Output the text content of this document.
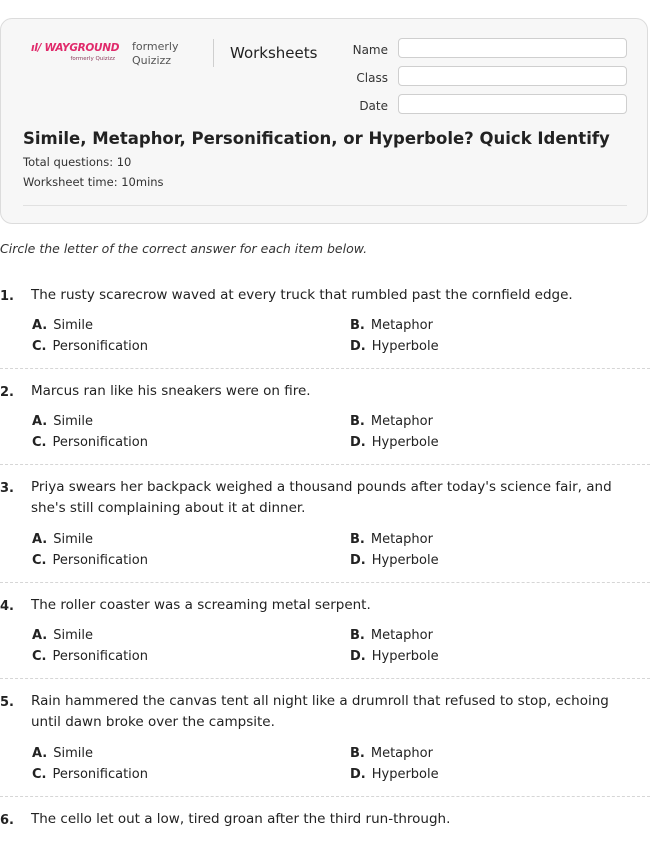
ıl/ WAYGROUND
formerly Quizizz
formerly Quizizz	Worksheets	Name
Class
Date
Simile, Metaphor, Personification, or Hyperbole? Quick Identify
Total questions: 10
Worksheet time: 10mins
Circle the letter of the correct answer for each item below.
1. The rusty scarecrow waved at every truck that rumbled past the cornfield edge.
A. Simile	B. Metaphor
C. Personification	D. Hyperbole
2. Marcus ran like his sneakers were on fire.
A. Simile	B. Metaphor
C. Personification	D. Hyperbole
3. Priya swears her backpack weighed a thousand pounds after today's science fair, and she's still complaining about it at dinner.
A. Simile	B. Metaphor
C. Personification	D. Hyperbole
4. The roller coaster was a screaming metal serpent.
A. Simile	B. Metaphor
C. Personification	D. Hyperbole
5. Rain hammered the canvas tent all night like a drumroll that refused to stop, echoing until dawn broke over the campsite.
A. Simile	B. Metaphor
C. Personification	D. Hyperbole
6. The cello let out a low, tired groan after the third run-through.
